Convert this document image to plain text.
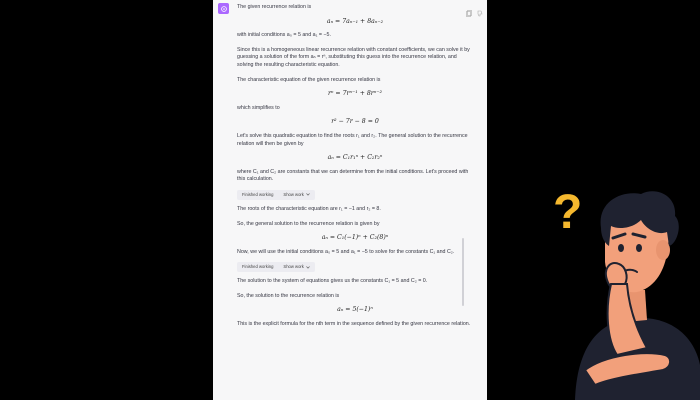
The given recurrence relation is

aₙ = 7aₙ₋₁ + 8aₙ₋₂

with initial conditions a₀ = 5 and a₁ = −5.

Since this is a homogeneous linear recurrence relation with constant coefficients, we can solve it by guessing a solution of the form aₙ = rⁿ, substituting this guess into the recurrence relation, and solving the resulting characteristic equation.

The characteristic equation of the given recurrence relation is

rⁿ = 7rⁿ⁻¹ + 8rⁿ⁻²

which simplifies to

r² − 7r − 8 = 0

Let's solve this quadratic equation to find the roots r₁ and r₂. The general solution to the recurrence relation will then be given by

aₙ = C₁r₁ⁿ + C₂r₂ⁿ

where C₁ and C₂ are constants that we can determine from the initial conditions. Let's proceed with this calculation.

Finished working Show work

The roots of the characteristic equation are r₁ = −1 and r₂ = 8.

So, the general solution to the recurrence relation is given by

aₙ = C₁(−1)ⁿ + C₂(8)ⁿ

Now, we will use the initial conditions a₀ = 5 and a₁ = −5 to solve for the constants C₁ and C₂.

Finished working Show work

The solution to the system of equations gives us the constants C₁ = 5 and C₂ = 0.

So, the solution to the recurrence relation is

aₙ = 5(−1)ⁿ

This is the explicit formula for the nth term in the sequence defined by the given recurrence relation.

?
